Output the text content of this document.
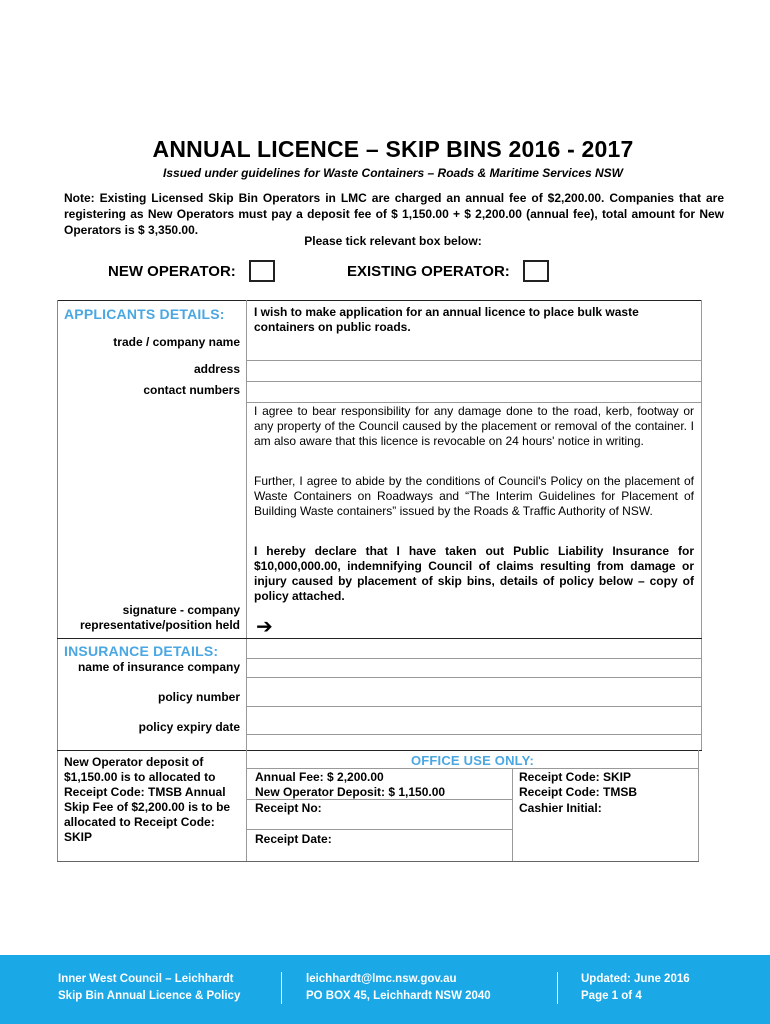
ANNUAL LICENCE – SKIP BINS 2016 - 2017
Issued under guidelines for Waste Containers – Roads & Maritime Services NSW
Note: Existing Licensed Skip Bin Operators in LMC are charged an annual fee of $2,200.00. Companies that are registering as New Operators must pay a deposit fee of $ 1,150.00 + $ 2,200.00 (annual fee), total amount for New Operators is $ 3,350.00.
Please tick relevant box below:
NEW OPERATOR:	EXISTING OPERATOR:
APPLICANTS DETAILS: I wish to make application for an annual licence to place bulk waste containers on public roads.
trade / company name
address
contact numbers
I agree to bear responsibility for any damage done to the road, kerb, footway or any property of the Council caused by the placement or removal of the container. I am also aware that this licence is revocable on 24 hours' notice in writing.
Further, I agree to abide by the conditions of Council's Policy on the placement of Waste Containers on Roadways and “The Interim Guidelines for Placement of Building Waste containers” issued by the Roads & Traffic Authority of NSW.
I hereby declare that I have taken out Public Liability Insurance for $10,000,000.00, indemnifying Council of claims resulting from damage or injury caused by placement of skip bins, details of policy below – copy of policy attached.
signature - company
representative/position held ➔
INSURANCE DETAILS:
name of insurance company
policy number
policy expiry date
New Operator deposit of $1,150.00 is to allocated to Receipt Code: TMSB Annual Skip Fee of $2,200.00 is to be allocated to Receipt Code: SKIP
OFFICE USE ONLY:
Annual Fee: $ 2,200.00
New Operator Deposit: $ 1,150.00
Receipt Code: SKIP
Receipt Code: TMSB
Receipt No:	Cashier Initial:
Receipt Date:
Inner West Council – Leichhardt
Skip Bin Annual Licence & Policy
leichhardt@lmc.nsw.gov.au
PO BOX 45, Leichhardt NSW 2040
Updated: June 2016
Page 1 of 4
